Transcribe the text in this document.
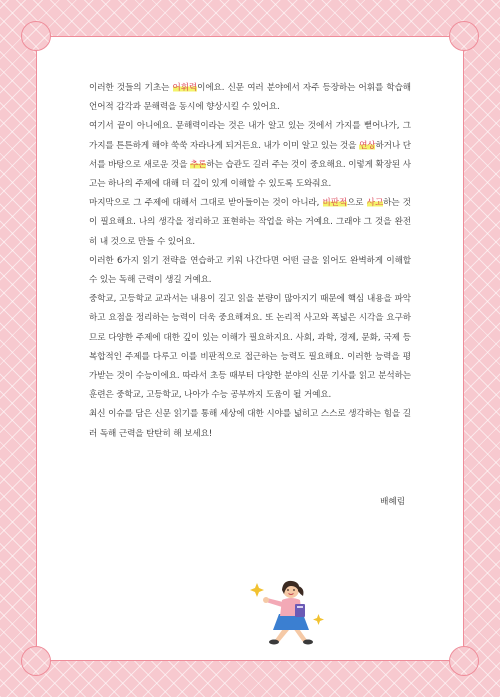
이러한 것들의 기초는 어휘력이에요. 신문 여러 분야에서 자주 등장하는 어휘를 학습해 언어적 감각과 문해력을 동시에 향상시킬 수 있어요.

여기서 끝이 아니에요. 문해력이라는 것은 내가 알고 있는 것에서 가지를 뻗어나가, 그 가지를 튼튼하게 해야 쑥쑥 자라나게 되거든요. 내가 이미 알고 있는 것을 연상하거나 단서를 바탕으로 새로운 것을 추론하는 습관도 길러 주는 것이 중요해요. 이렇게 확장된 사고는 하나의 주제에 대해 더 깊이 있게 이해할 수 있도록 도와줘요.

마지막으로 그 주제에 대해서 그대로 받아들이는 것이 아니라, 비판적으로 사고하는 것이 필요해요. 나의 생각을 정리하고 표현하는 작업을 하는 거예요. 그래야 그 것을 완전히 내 것으로 만들 수 있어요.

이러한 6가지 읽기 전략을 연습하고 키워 나간다면 어떤 글을 읽어도 완벽하게 이해할 수 있는 독해 근력이 생길 거예요.

중학교, 고등학교 교과서는 내용이 길고 읽을 분량이 많아지기 때문에 핵심 내용을 파악하고 요점을 정리하는 능력이 더욱 중요해져요. 또 논리적 사고와 폭넓은 시각을 요구하므로 다양한 주제에 대한 깊이 있는 이해가 필요하지요. 사회, 과학, 경제, 문화, 국제 등 복합적인 주제를 다루고 이를 비판적으로 접근하는 능력도 필요해요. 이러한 능력을 평가받는 것이 수능이에요. 따라서 초등 때부터 다양한 분야의 신문 기사를 읽고 분석하는 훈련은 중학교, 고등학교, 나아가 수능 공부까지 도움이 될 거예요.

최신 이슈를 담은 신문 읽기를 통해 세상에 대한 시야를 넓히고 스스로 생각하는 힘을 길러 독해 근력을 탄탄히 해 보세요!

배혜림
